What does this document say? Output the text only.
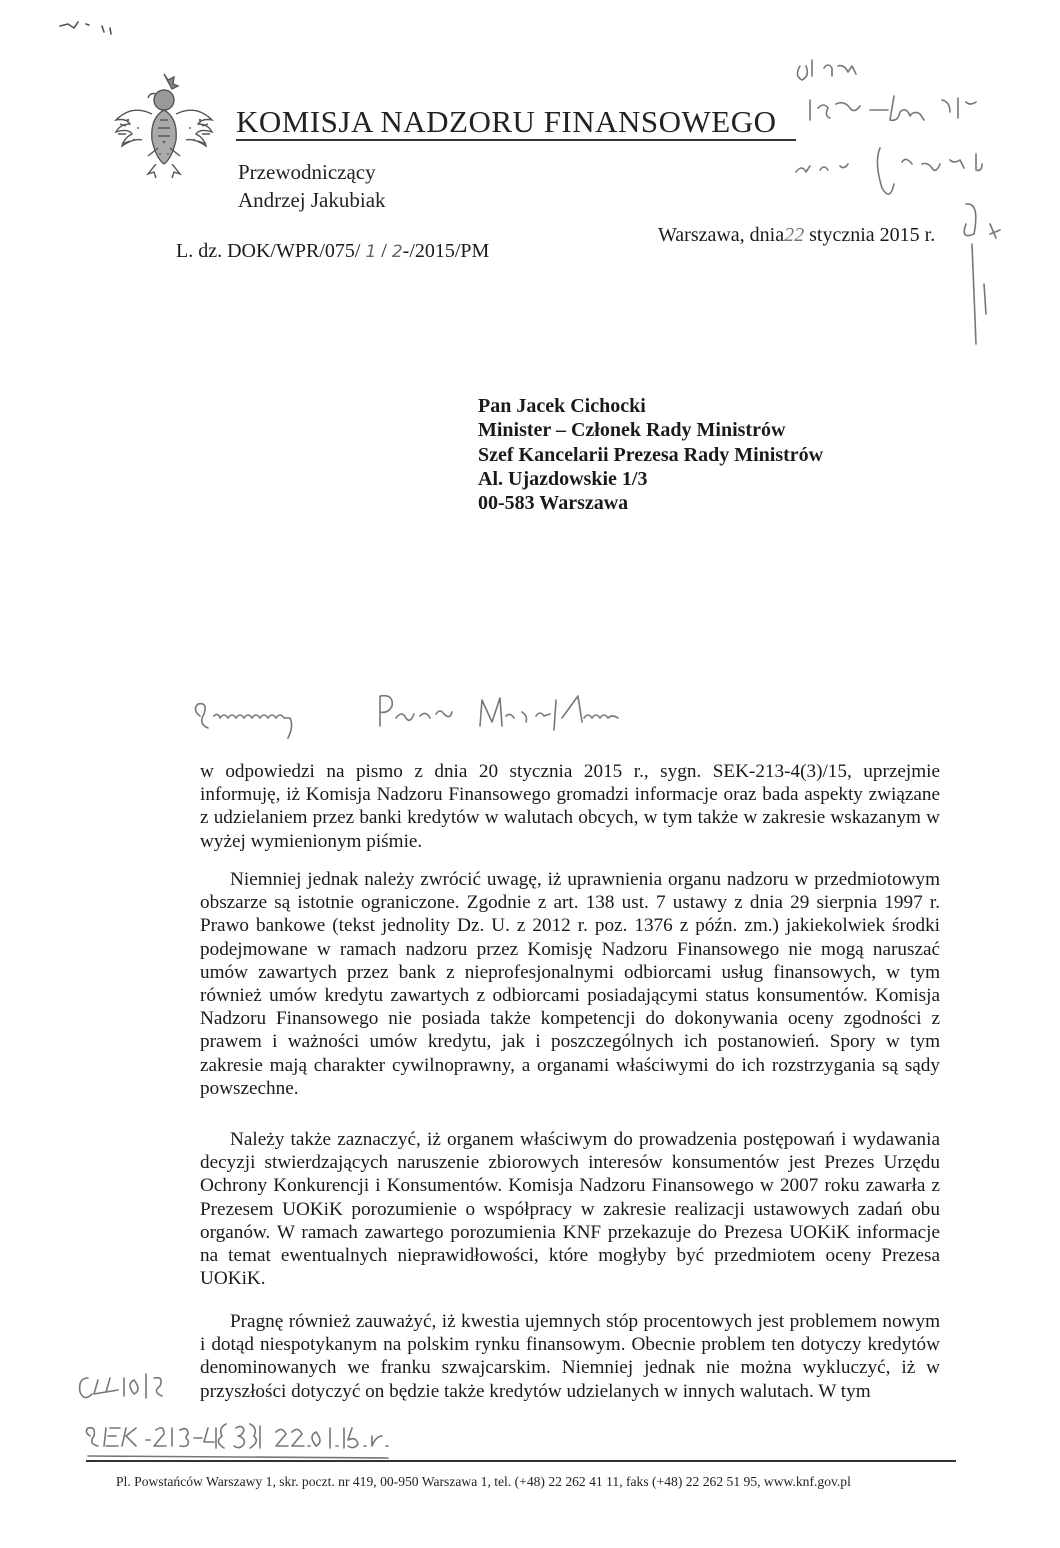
KOMISJA NADZORU FINANSOWEGO
Przewodniczący
Andrzej Jakubiak
L. dz. DOK/WPR/075/ 1 / 2-/2015/PM
Warszawa, dnia22 stycznia 2015 r.
Pan Jacek Cichocki
Minister – Członek Rady Ministrów
Szef Kancelarii Prezesa Rady Ministrów
Al. Ujazdowskie 1/3
00-583 Warszawa

w odpowiedzi na pismo z dnia 20 stycznia 2015 r., sygn. SEK-213-4(3)/15, uprzejmie informuję, iż Komisja Nadzoru Finansowego gromadzi informacje oraz bada aspekty związane z udzielaniem przez banki kredytów w walutach obcych, w tym także w zakresie wskazanym w wyżej wymienionym piśmie.

Niemniej jednak należy zwrócić uwagę, iż uprawnienia organu nadzoru w przedmiotowym obszarze są istotnie ograniczone. Zgodnie z art. 138 ust. 7 ustawy z dnia 29 sierpnia 1997 r. Prawo bankowe (tekst jednolity Dz. U. z 2012 r. poz. 1376 z późn. zm.) jakiekolwiek środki podejmowane w ramach nadzoru przez Komisję Nadzoru Finansowego nie mogą naruszać umów zawartych przez bank z nieprofesjonalnymi odbiorcami usług finansowych, w tym również umów kredytu zawartych z odbiorcami posiadającymi status konsumentów. Komisja Nadzoru Finansowego nie posiada także kompetencji do dokonywania oceny zgodności z prawem i ważności umów kredytu, jak i poszczególnych ich postanowień. Spory w tym zakresie mają charakter cywilnoprawny, a organami właściwymi do ich rozstrzygania są sądy powszechne.

Należy także zaznaczyć, iż organem właściwym do prowadzenia postępowań i wydawania decyzji stwierdzających naruszenie zbiorowych interesów konsumentów jest Prezes Urzędu Ochrony Konkurencji i Konsumentów. Komisja Nadzoru Finansowego w 2007 roku zawarła z Prezesem UOKiK porozumienie o współpracy w zakresie realizacji ustawowych zadań obu organów. W ramach zawartego porozumienia KNF przekazuje do Prezesa UOKiK informacje na temat ewentualnych nieprawidłowości, które mogłyby być przedmiotem oceny Prezesa UOKiK.

Pragnę również zauważyć, iż kwestia ujemnych stóp procentowych jest problemem nowym i dotąd niespotykanym na polskim rynku finansowym. Obecnie problem ten dotyczy kredytów denominowanych we franku szwajcarskim. Niemniej jednak nie można wykluczyć, iż w przyszłości dotyczyć on będzie także kredytów udzielanych w innych walutach. W tym

Pl. Powstańców Warszawy 1, skr. poczt. nr 419, 00-950 Warszawa 1, tel. (+48) 22 262 41 11, faks (+48) 22 262 51 95, www.knf.gov.pl
